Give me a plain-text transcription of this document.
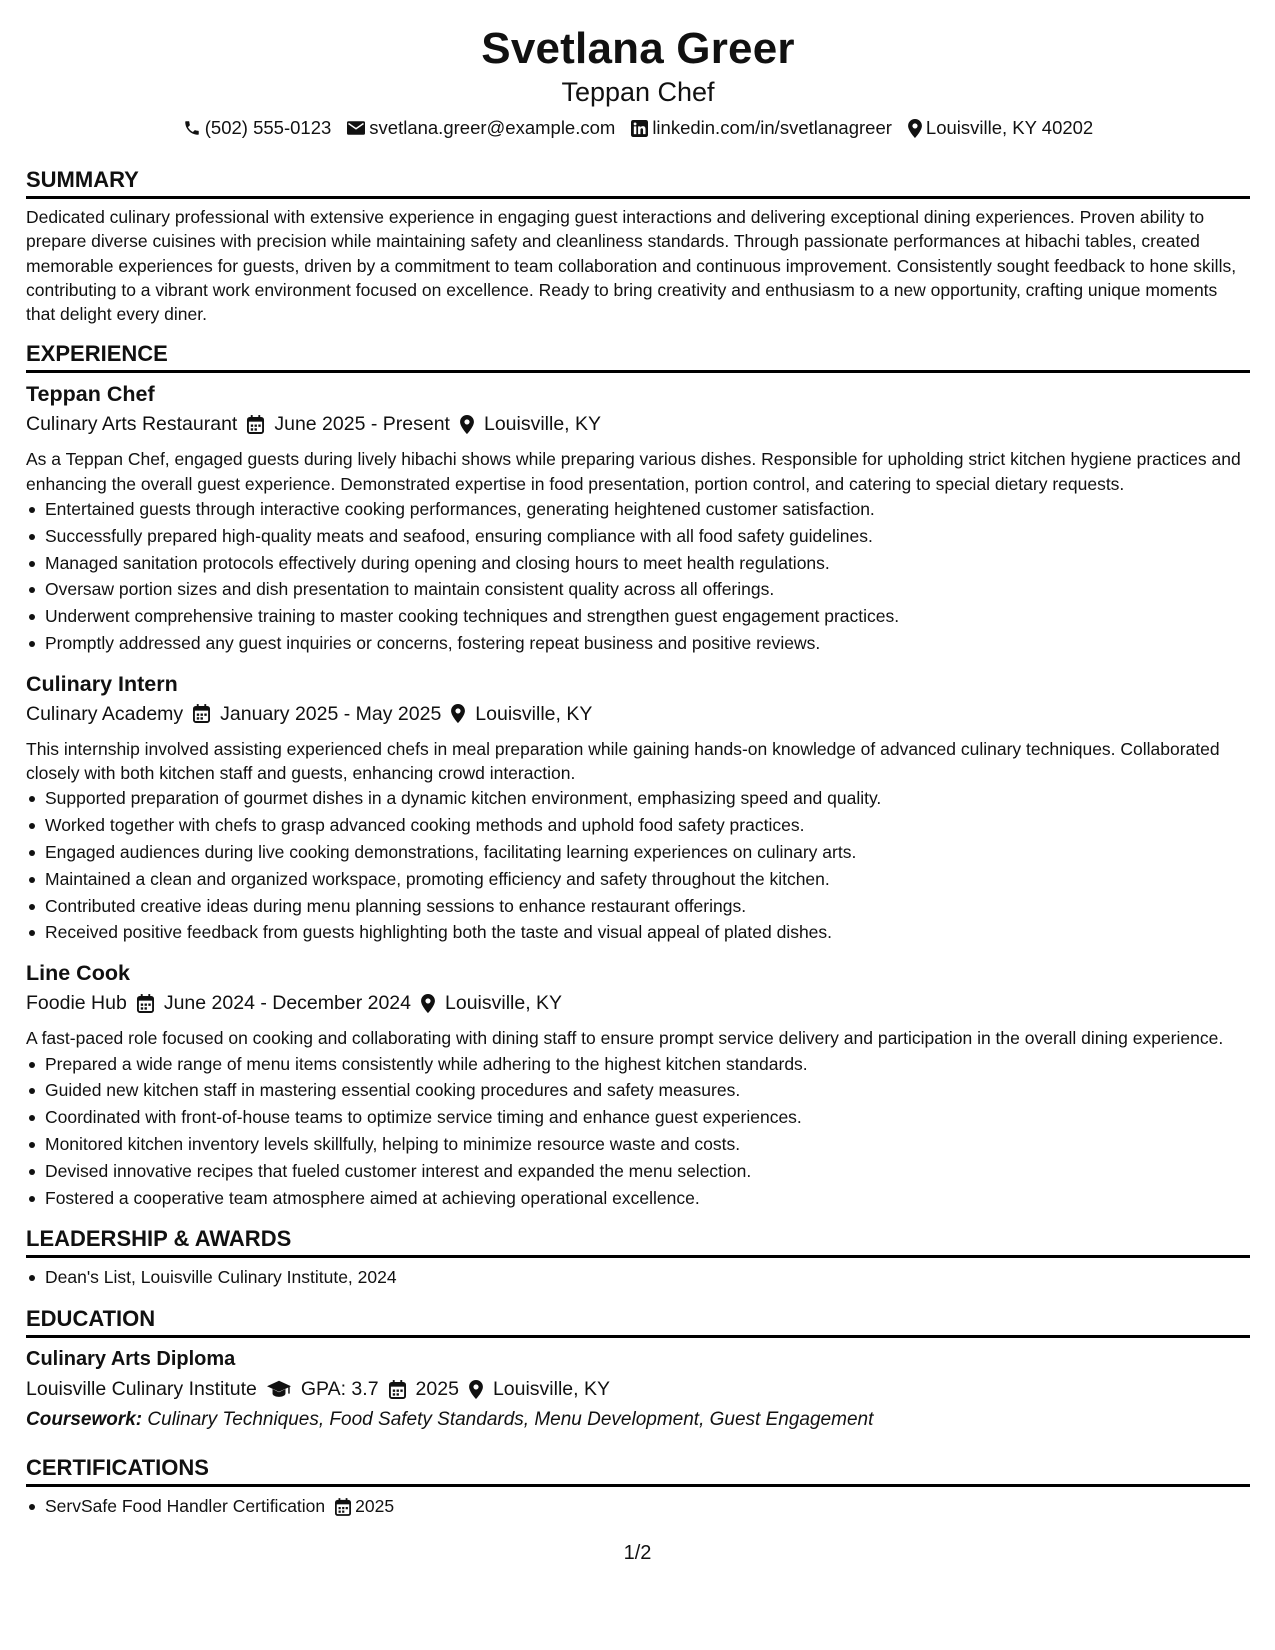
Svetlana Greer
Teppan Chef
(502) 555-0123 svetlana.greer@example.com linkedin.com/in/svetlanagreer Louisville, KY 40202
SUMMARY

Dedicated culinary professional with extensive experience in engaging guest interactions and delivering exceptional dining experiences. Proven ability to prepare diverse cuisines with precision while maintaining safety and cleanliness standards. Through passionate performances at hibachi tables, created memorable experiences for guests, driven by a commitment to team collaboration and continuous improvement. Consistently sought feedback to hone skills, contributing to a vibrant work environment focused on excellence. Ready to bring creativity and enthusiasm to a new opportunity, crafting unique moments that delight every diner.

EXPERIENCE
Teppan Chef
Culinary Arts Restaurant June 2025 - Present Louisville, KY

As a Teppan Chef, engaged guests during lively hibachi shows while preparing various dishes. Responsible for upholding strict kitchen hygiene practices and enhancing the overall guest experience. Demonstrated expertise in food presentation, portion control, and catering to special dietary requests.

Entertained guests through interactive cooking performances, generating heightened customer satisfaction.
Successfully prepared high-quality meats and seafood, ensuring compliance with all food safety guidelines.
Managed sanitation protocols effectively during opening and closing hours to meet health regulations.
Oversaw portion sizes and dish presentation to maintain consistent quality across all offerings.
Underwent comprehensive training to master cooking techniques and strengthen guest engagement practices.
Promptly addressed any guest inquiries or concerns, fostering repeat business and positive reviews.
Culinary Intern
Culinary Academy January 2025 - May 2025 Louisville, KY

This internship involved assisting experienced chefs in meal preparation while gaining hands-on knowledge of advanced culinary techniques. Collaborated closely with both kitchen staff and guests, enhancing crowd interaction.

Supported preparation of gourmet dishes in a dynamic kitchen environment, emphasizing speed and quality.
Worked together with chefs to grasp advanced cooking methods and uphold food safety practices.
Engaged audiences during live cooking demonstrations, facilitating learning experiences on culinary arts.
Maintained a clean and organized workspace, promoting efficiency and safety throughout the kitchen.
Contributed creative ideas during menu planning sessions to enhance restaurant offerings.
Received positive feedback from guests highlighting both the taste and visual appeal of plated dishes.
Line Cook
Foodie Hub June 2024 - December 2024 Louisville, KY

A fast-paced role focused on cooking and collaborating with dining staff to ensure prompt service delivery and participation in the overall dining experience.

Prepared a wide range of menu items consistently while adhering to the highest kitchen standards.
Guided new kitchen staff in mastering essential cooking procedures and safety measures.
Coordinated with front-of-house teams to optimize service timing and enhance guest experiences.
Monitored kitchen inventory levels skillfully, helping to minimize resource waste and costs.
Devised innovative recipes that fueled customer interest and expanded the menu selection.
Fostered a cooperative team atmosphere aimed at achieving operational excellence.
LEADERSHIP & AWARDS
Dean's List, Louisville Culinary Institute, 2024
EDUCATION
Culinary Arts Diploma
Louisville Culinary Institute GPA: 3.7 2025 Louisville, KY
Coursework: Culinary Techniques, Food Safety Standards, Menu Development, Guest Engagement
CERTIFICATIONS
ServSafe Food Handler Certification 2025
1/2
